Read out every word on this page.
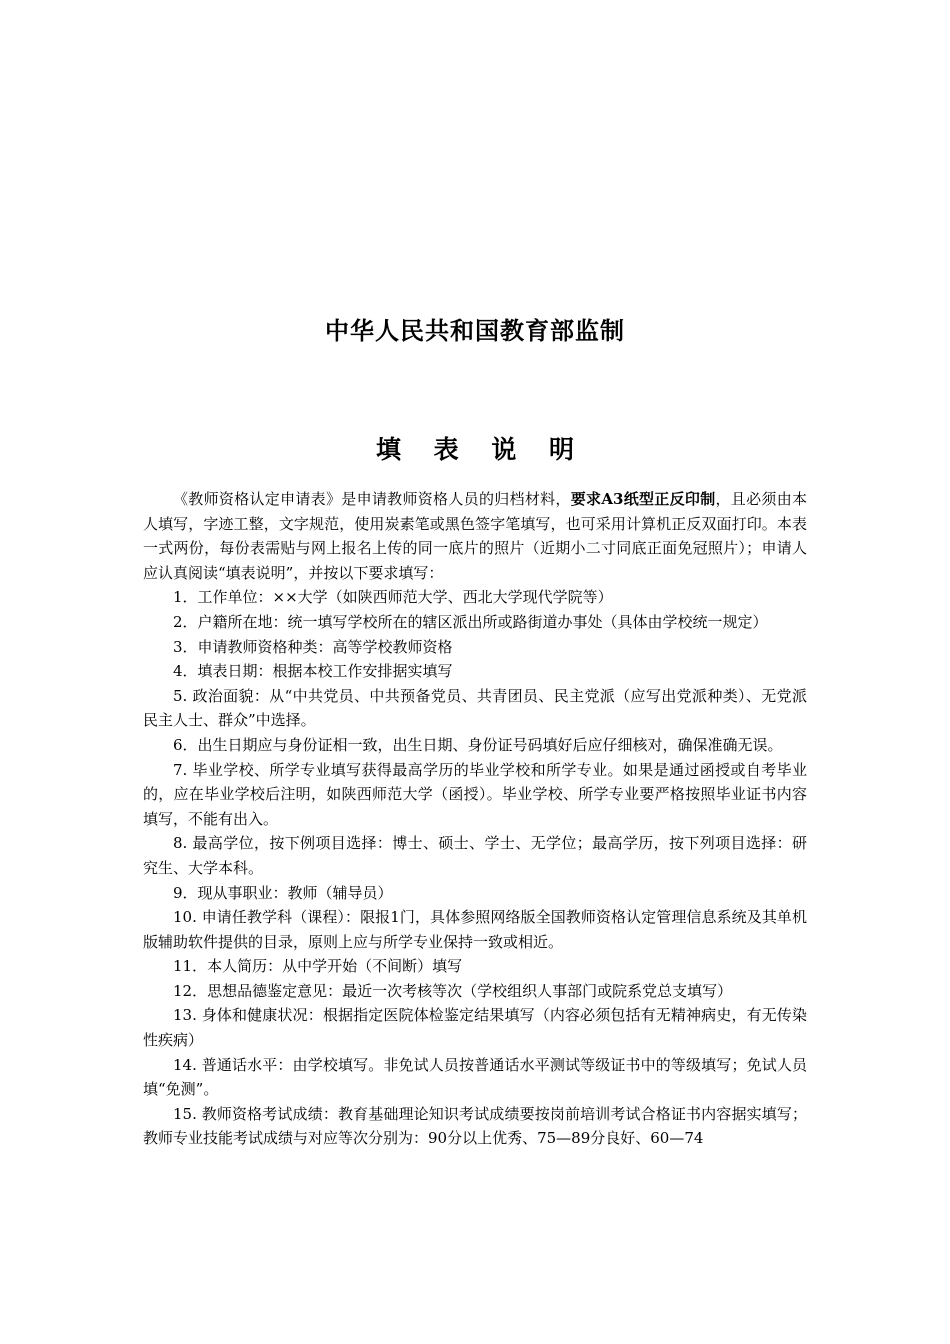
中华人民共和国教育部监制
填 表 说 明

《教师资格认定申请表》是申请教师资格人员的归档材料，要求A3纸型正反印制，且必须由本人填写，字迹工整，文字规范，使用炭素笔或黑色签字笔填写，也可采用计算机正反双面打印。本表一式两份，每份表需贴与网上报名上传的同一底片的照片（近期小二寸同底正面免冠照片）；申请人应认真阅读“填表说明”，并按以下要求填写：

1．工作单位：××大学（如陕西师范大学、西北大学现代学院等）

2．户籍所在地：统一填写学校所在的辖区派出所或路街道办事处（具体由学校统一规定）

3．申请教师资格种类：高等学校教师资格

4．填表日期：根据本校工作安排据实填写

5. 政治面貌：从“中共党员、中共预备党员、共青团员、民主党派（应写出党派种类）、无党派民主人士、群众”中选择。

6．出生日期应与身份证相一致，出生日期、身份证号码填好后应仔细核对，确保准确无误。

7. 毕业学校、所学专业填写获得最高学历的毕业学校和所学专业。如果是通过函授或自考毕业的，应在毕业学校后注明，如陕西师范大学（函授）。毕业学校、所学专业要严格按照毕业证书内容填写，不能有出入。

8. 最高学位，按下例项目选择：博士、硕士、学士、无学位；最高学历，按下列项目选择：研究生、大学本科。

9．现从事职业：教师（辅导员）

10. 申请任教学科（课程）：限报1门，具体参照网络版全国教师资格认定管理信息系统及其单机版辅助软件提供的目录，原则上应与所学专业保持一致或相近。

11．本人简历：从中学开始（不间断）填写

12．思想品德鉴定意见：最近一次考核等次（学校组织人事部门或院系党总支填写）

13. 身体和健康状况：根据指定医院体检鉴定结果填写（内容必须包括有无精神病史，有无传染性疾病）

14. 普通话水平：由学校填写。非免试人员按普通话水平测试等级证书中的等级填写；免试人员填“免测”。

15. 教师资格考试成绩：教育基础理论知识考试成绩要按岗前培训考试合格证书内容据实填写；教师专业技能考试成绩与对应等次分别为：90分以上优秀、75—89分良好、60—74
